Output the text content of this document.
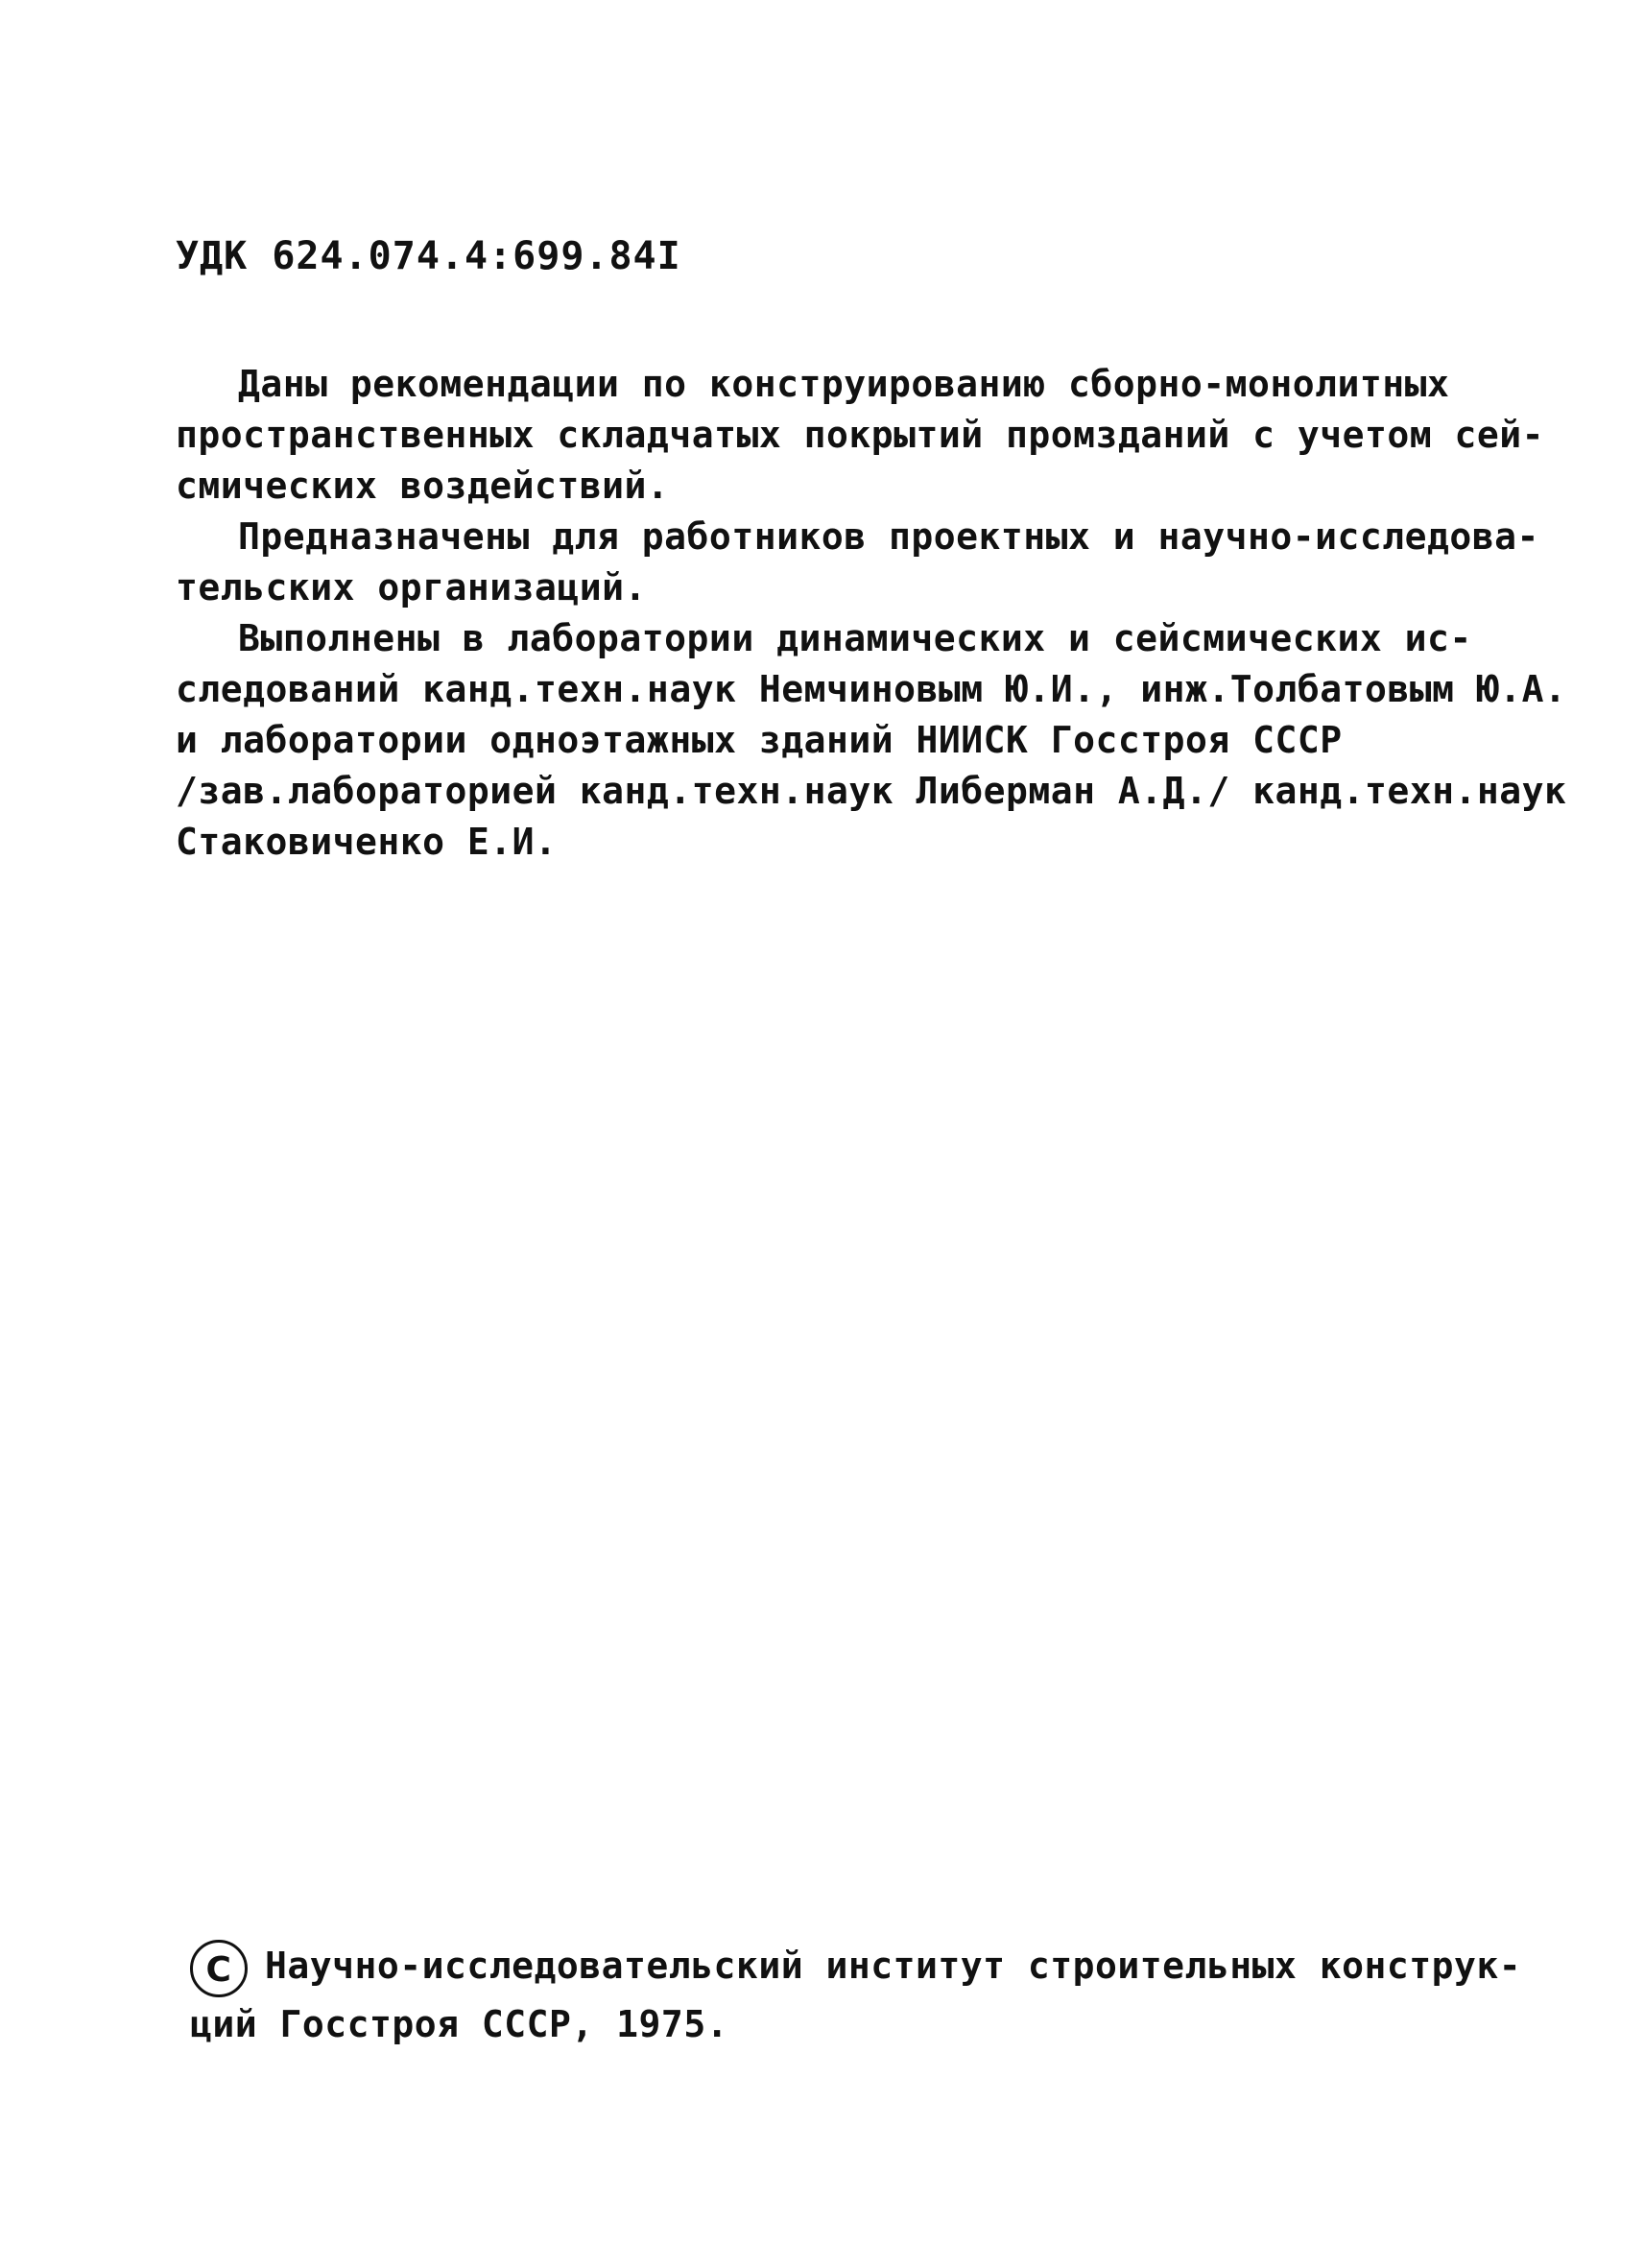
УДК 624.074.4:699.84I
Даны рекомендации по конструированию сборно-монолитных
пространственных складчатых покрытий промзданий с учетом сей-
смических воздействий.
Предназначены для работников проектных и научно-исследова-
тельских организаций.
Выполнены в лаборатории динамических и сейсмических ис-
следований канд.техн.наук Немчиновым Ю.И., инж.Толбатовым Ю.А.
и лаборатории одноэтажных зданий НИИСК Госстроя СССР
/зав.лабораторией канд.техн.наук Либерман А.Д./ канд.техн.наук
Стаковиченко Е.И.
С Научно-исследовательский институт строительных конструк-
ций Госстроя СССР, 1975.
